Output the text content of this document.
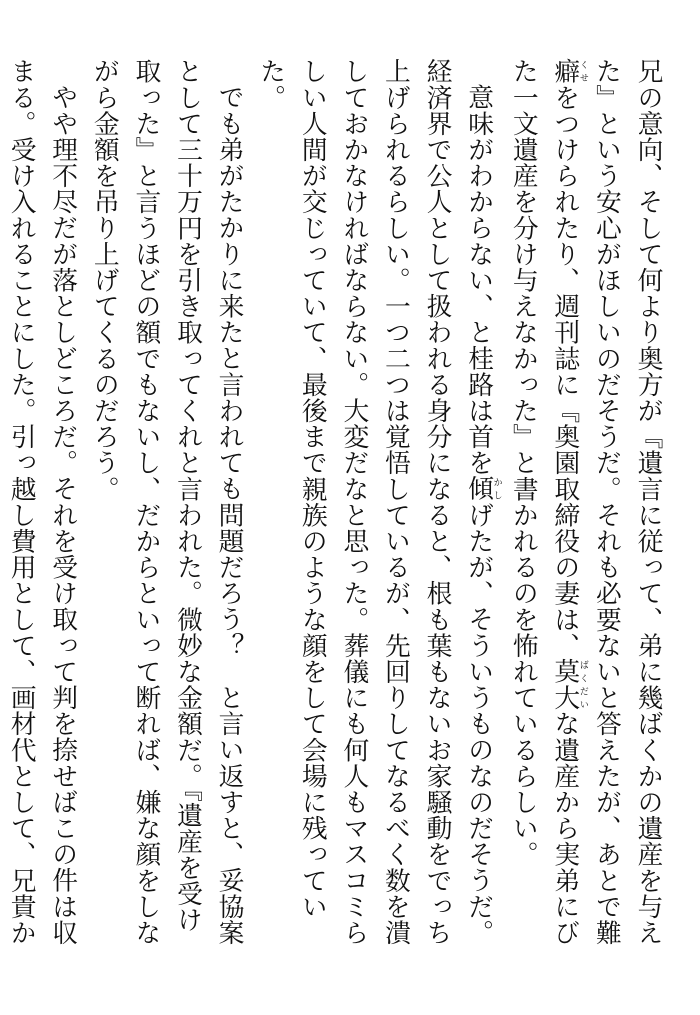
兄の意向、そして何より奥方が『遺言に従って、弟に幾ばくかの遺産を与えた』という安心がほしいのだそうだ。それも必要ないと答えたが、あとで難癖くせをつけられたり、週刊誌に『奥園取締役の妻は、莫大ばくだいな遺産から実弟にびた一文遺産を分け与えなかった』と書かれるのを怖れているらしい。

意味がわからない、と桂路は首を傾かしげたが、そういうものなのだそうだ。経済界で公人として扱われる身分になると、根も葉もないお家騒動をでっち上げられるらしい。一つ二つは覚悟しているが、先回りしてなるべく数を潰しておかなければならない。大変だなと思った。葬儀にも何人もマスコミらしい人間が交じっていて、最後まで親族のような顔をして会場に残っていた。

でも弟がたかりに来たと言われても問題だろう？　と言い返すと、妥協案として三十万円を引き取ってくれと言われた。微妙な金額だ。『遺産を受け取った』と言うほどの額でもないし、だからといって断れば、嫌な顔をしながら金額を吊り上げてくるのだろう。

やや理不尽だが落としどころだ。それを受け取って判を捺せばこの件は収まる。受け入れることにした。引っ越し費用として、画材代として、兄貴か
